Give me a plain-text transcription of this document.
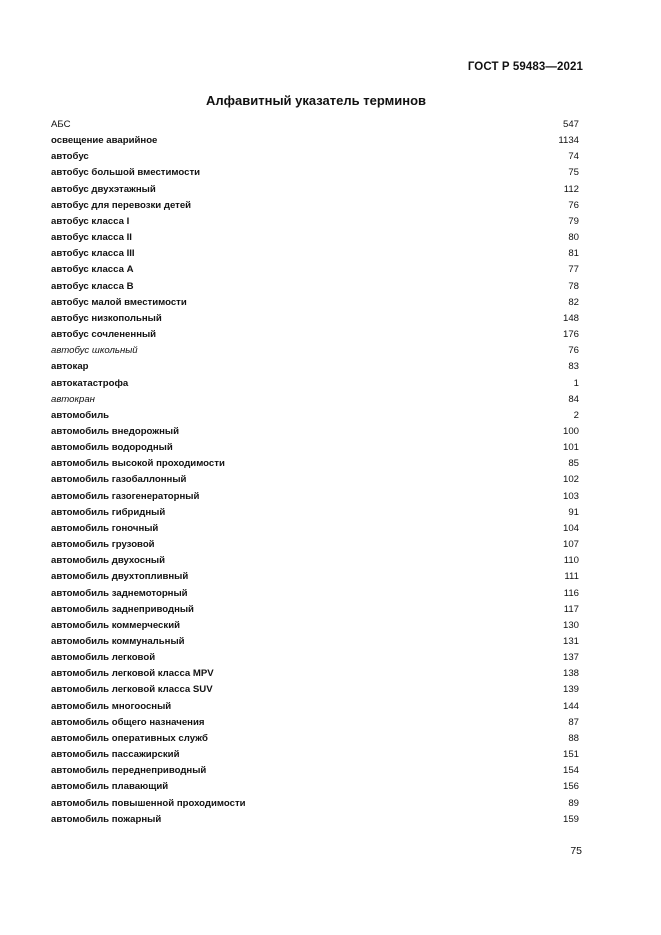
ГОСТ Р 59483—2021
Алфавитный указатель терминов
АБС	547
освещение аварийное	1134
автобус	74
автобус большой вместимости	75
автобус двухэтажный	112
автобус для перевозки детей	76
автобус класса I	79
автобус класса II	80
автобус класса III	81
автобус класса A	77
автобус класса B	78
автобус малой вместимости	82
автобус низкопольный	148
автобус сочлененный	176
автобус школьный	76
автокар	83
автокатастрофа	1
автокран	84
автомобиль	2
автомобиль внедорожный	100
автомобиль водородный	101
автомобиль высокой проходимости	85
автомобиль газобаллонный	102
автомобиль газогенераторный	103
автомобиль гибридный	91
автомобиль гоночный	104
автомобиль грузовой	107
автомобиль двухосный	110
автомобиль двухтопливный	111
автомобиль заднемоторный	116
автомобиль заднеприводный	117
автомобиль коммерческий	130
автомобиль коммунальный	131
автомобиль легковой	137
автомобиль легковой класса MPV	138
автомобиль легковой класса SUV	139
автомобиль многоосный	144
автомобиль общего назначения	87
автомобиль оперативных служб	88
автомобиль пассажирский	151
автомобиль переднеприводный	154
автомобиль плавающий	156
автомобиль повышенной проходимости	89
автомобиль пожарный	159
75
